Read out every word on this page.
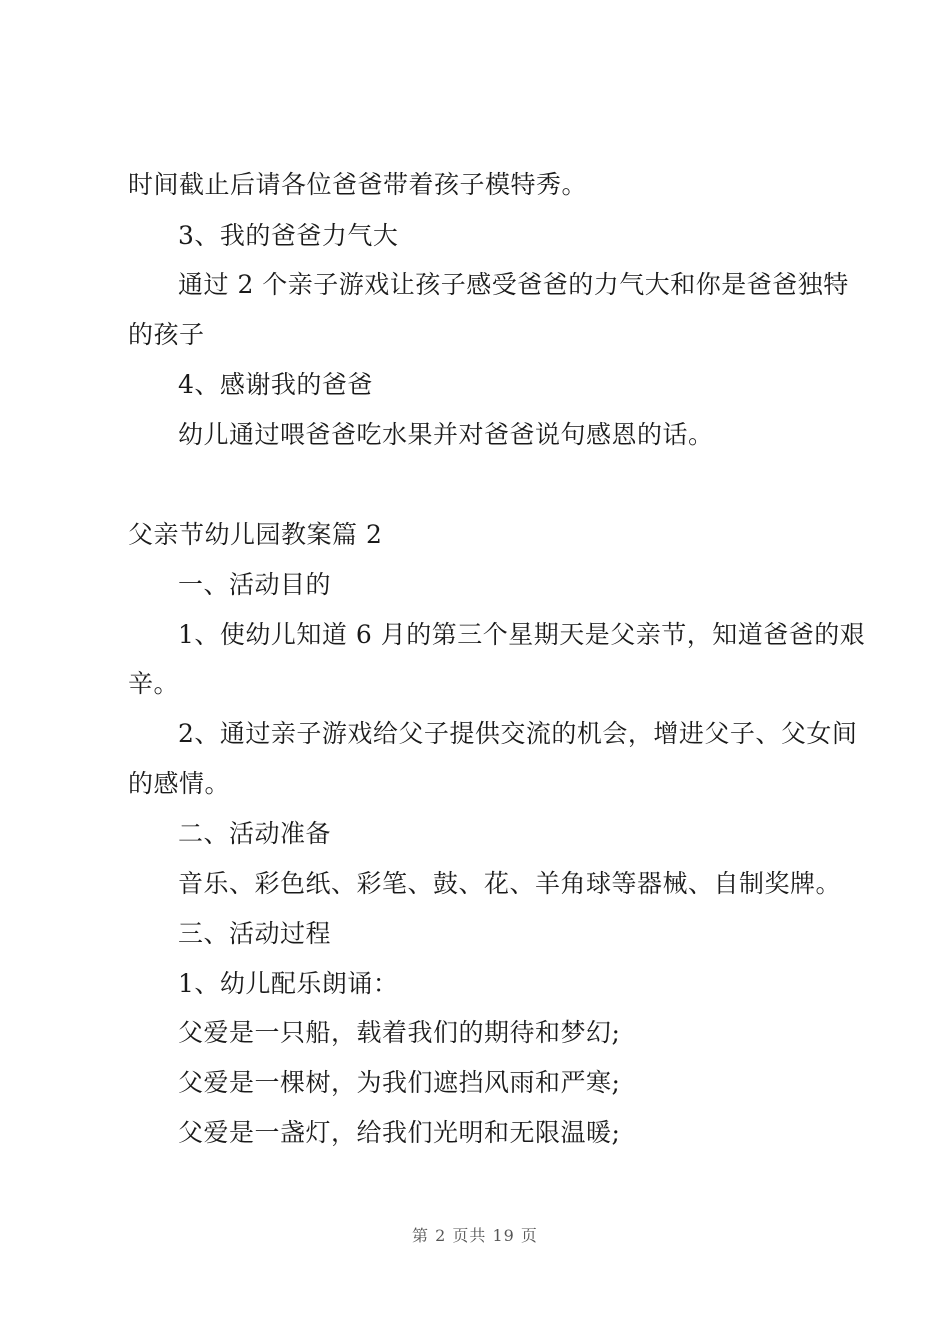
时间截止后请各位爸爸带着孩子模特秀。
3、我的爸爸力气大
通过 2 个亲子游戏让孩子感受爸爸的力气大和你是爸爸独特
的孩子
4、感谢我的爸爸
幼儿通过喂爸爸吃水果并对爸爸说句感恩的话。
父亲节幼儿园教案篇 2
一、活动目的
1、使幼儿知道 6 月的第三个星期天是父亲节，知道爸爸的艰
辛。
2、通过亲子游戏给父子提供交流的机会，增进父子、父女间
的感情。
二、活动准备
音乐、彩色纸、彩笔、鼓、花、羊角球等器械、自制奖牌。
三、活动过程
1、幼儿配乐朗诵：
父爱是一只船，载着我们的期待和梦幻;
父爱是一棵树，为我们遮挡风雨和严寒;
父爱是一盏灯，给我们光明和无限温暖;
第 2 页共 19 页
